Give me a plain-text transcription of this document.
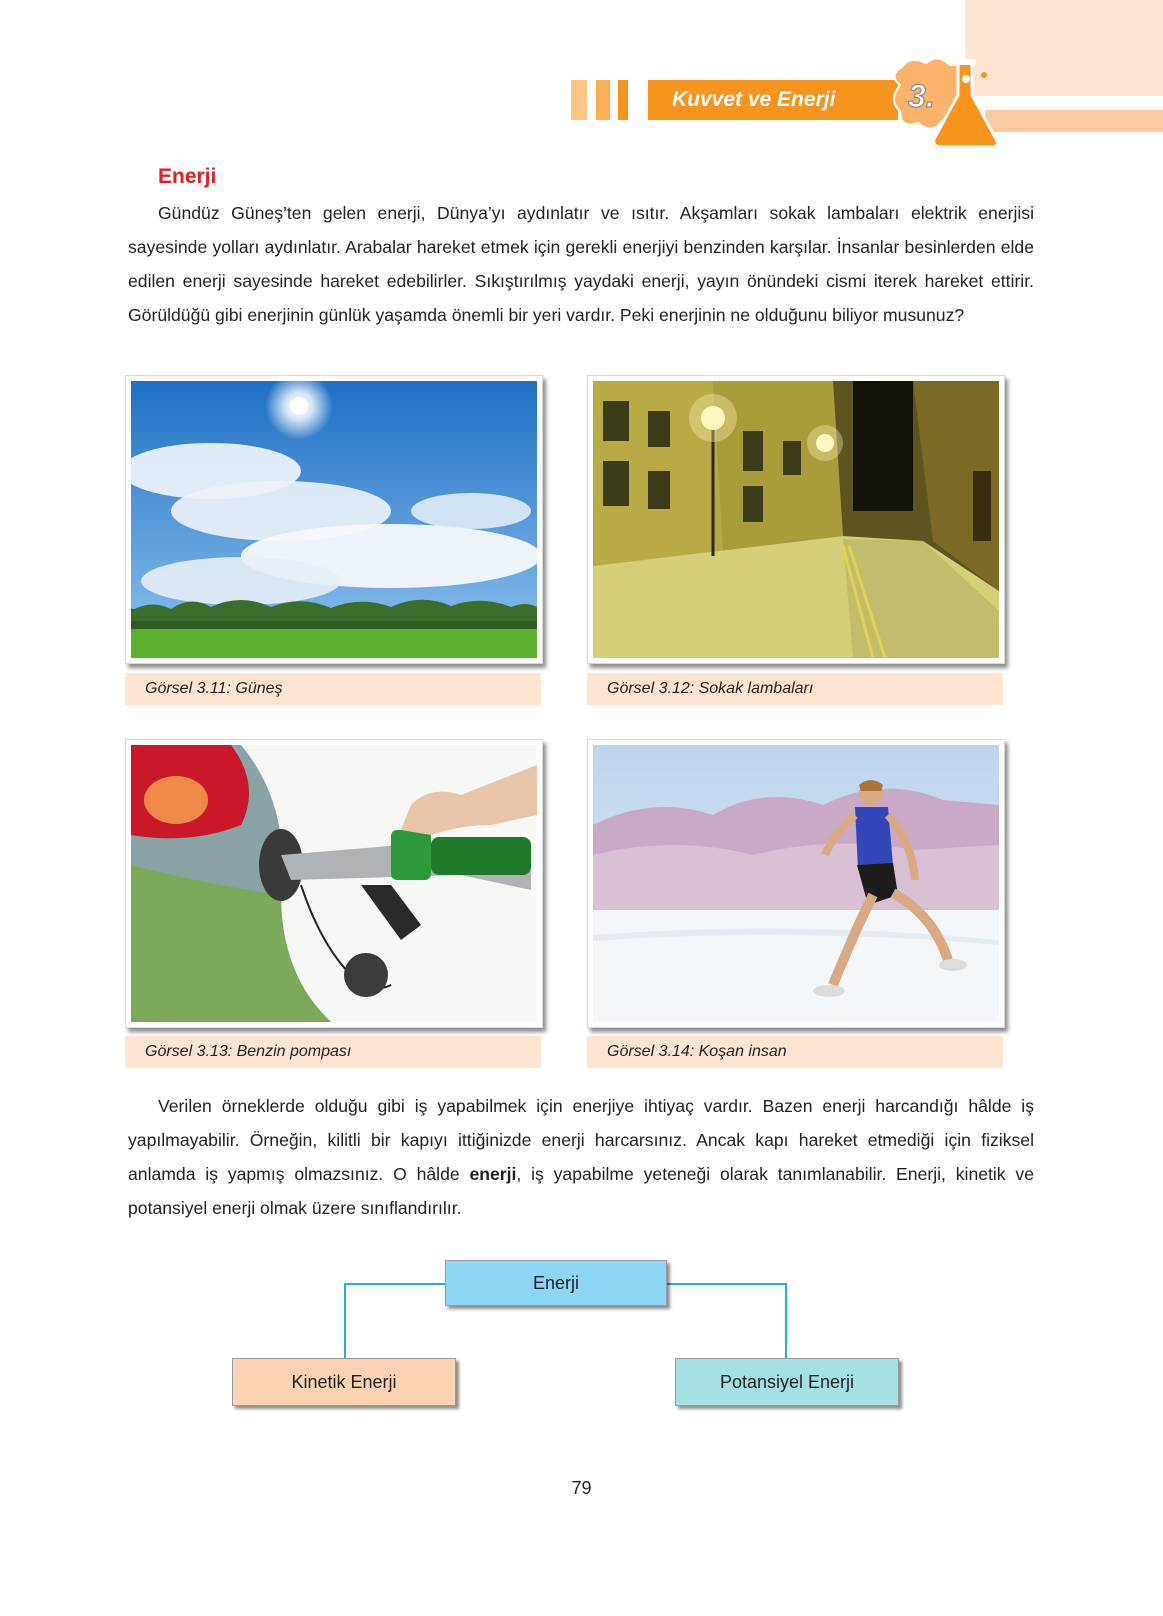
Kuvvet ve Enerji	3.
Enerji

Gündüz Güneş’ten gelen enerji, Dünya’yı aydınlatır ve ısıtır. Akşamları sokak lambaları elektrik enerjisi sayesinde yolları aydınlatır. Arabalar hareket etmek için gerekli enerjiyi benzinden karşılar. İnsanlar besinlerden elde edilen enerji sayesinde hareket edebilirler. Sıkıştırılmış yaydaki enerji, yayın önündeki cismi iterek hareket ettirir. Görüldüğü gibi enerjinin günlük yaşamda önemli bir yeri vardır. Peki enerjinin ne olduğunu biliyor musunuz?

Görsel 3.11: Güneş	Görsel 3.12: Sokak lambaları
Görsel 3.13: Benzin pompası	Görsel 3.14: Koşan insan

Verilen örneklerde olduğu gibi iş yapabilmek için enerjiye ihtiyaç vardır. Bazen enerji harcandığı hâlde iş yapılmayabilir. Örneğin, kilitli bir kapıyı ittiğinizde enerji harcarsınız. Ancak kapı hareket etmediği için fiziksel anlamda iş yapmış olmazsınız. O hâlde enerji, iş yapabilme yeteneği olarak tanımlanabilir. Enerji, kinetik ve potansiyel enerji olmak üzere sınıflandırılır.

Enerji
Kinetik Enerji	Potansiyel Enerji
79
